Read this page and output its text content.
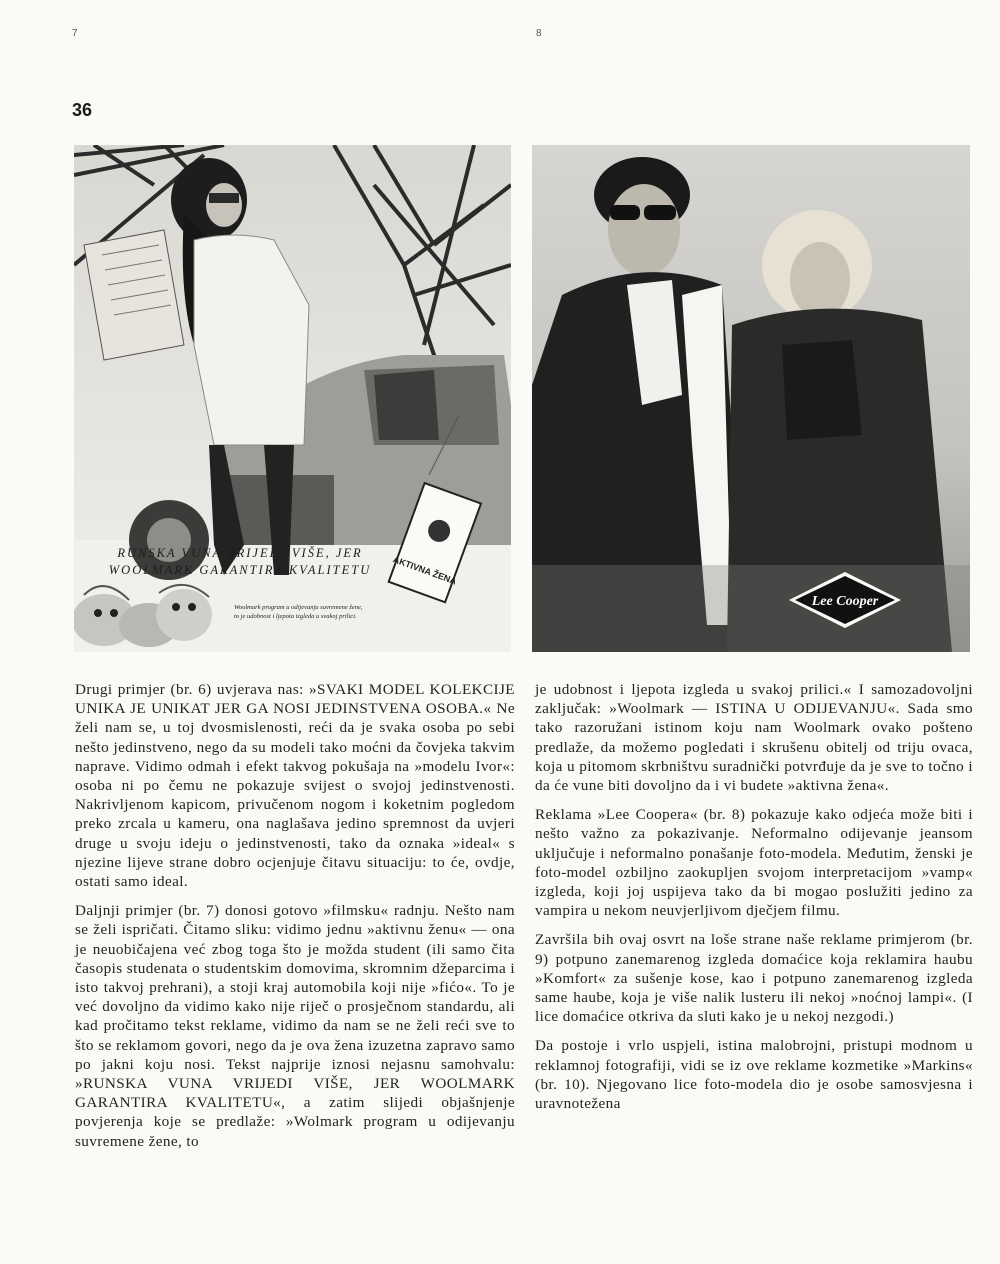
7	8
36
AKTIVNA ŽENA
RUNSKA VUNA VRIJEDI VIŠE, JER
WOOLMARK GARANTIRA KVALITETU
Woolmark program u odijevanju suvremene žene,
to je udobnost i ljepota izgleda u svakoj prilici.
Lee Cooper

Drugi primjer (br. 6) uvjerava nas: »SVAKI MODEL KOLEKCIJE UNIKA JE UNIKAT JER GA NOSI JEDINSTVENA OSOBA.« Ne želi nam se, u toj dvosmislenosti, reći da je svaka osoba po sebi nešto jedinstveno, nego da su modeli tako moćni da čovjeka takvim naprave. Vidimo odmah i efekt takvog pokušaja na »modelu Ivor«: osoba ni po čemu ne pokazuje svijest o svojoj jedinstvenosti. Nakrivljenom kapicom, privučenom nogom i koketnim pogledom preko zrcala u kameru, ona naglašava jedino spremnost da uvjeri druge u svoju ideju o jedinstvenosti, tako da oznaka »ideal« s njezine lijeve strane dobro ocjenjuje čitavu situaciju: to će, ovdje, ostati samo ideal.

Daljnji primjer (br. 7) donosi gotovo »filmsku« radnju. Nešto nam se želi ispričati. Čitamo sliku: vidimo jednu »aktivnu ženu« — ona je neuobičajena već zbog toga što je možda student (ili samo čita časopis studenata o studentskim domovima, skromnim džeparcima i isto takvoj prehrani), a stoji kraj automobila koji nije »fićo«. To je već dovoljno da vidimo kako nije riječ o prosječnom standardu, ali kad pročitamo tekst reklame, vidimo da nam se ne želi reći sve to što se reklamom govori, nego da je ova žena izuzetna zapravo samo po jakni koju nosi. Tekst najprije iznosi nejasnu samohvalu: »RUNSKA VUNA VRIJEDI VIŠE, JER WOOLMARK GARANTIRA KVALITETU«, a zatim slijedi objašnjenje povjerenja koje se predlaže: »Wolmark program u odijevanju suvremene žene, to

je udobnost i ljepota izgleda u svakoj prilici.« I samozadovoljni zaključak: »Woolmark — ISTINA U ODIJEVANJU«. Sada smo tako razoružani istinom koju nam Woolmark ovako pošteno predlaže, da možemo pogledati i skrušenu obitelj od triju ovaca, koja u pitomom skrbništvu suradnički potvrđuje da je sve to točno i da će vune biti dovoljno da i vi budete »aktivna žena«.

Reklama »Lee Coopera« (br. 8) pokazuje kako odjeća može biti i nešto važno za pokazivanje. Neformalno odijevanje jeansom uključuje i neformalno ponašanje foto-modela. Međutim, ženski je foto-model ozbiljno zaokupljen svojom interpretacijom »vamp« izgleda, koji joj uspijeva tako da bi mogao poslužiti jedino za vampira u nekom neuvjerljivom dječjem filmu.

Završila bih ovaj osvrt na loše strane naše reklame primjerom (br. 9) potpuno zanemarenog izgleda domaćice koja reklamira haubu »Komfort« za sušenje kose, kao i potpuno zanemarenog izgleda same haube, koja je više nalik lusteru ili nekoj »noćnoj lampi«. (I lice domaćice otkriva da sluti kako je u nekoj nezgodi.)

Da postoje i vrlo uspjeli, istina malobrojni, pristupi modnom u reklamnoj fotografiji, vidi se iz ove reklame kozmetike »Markins« (br. 10). Njegovano lice foto-modela dio je osobe samosvjesna i uravnotežena
